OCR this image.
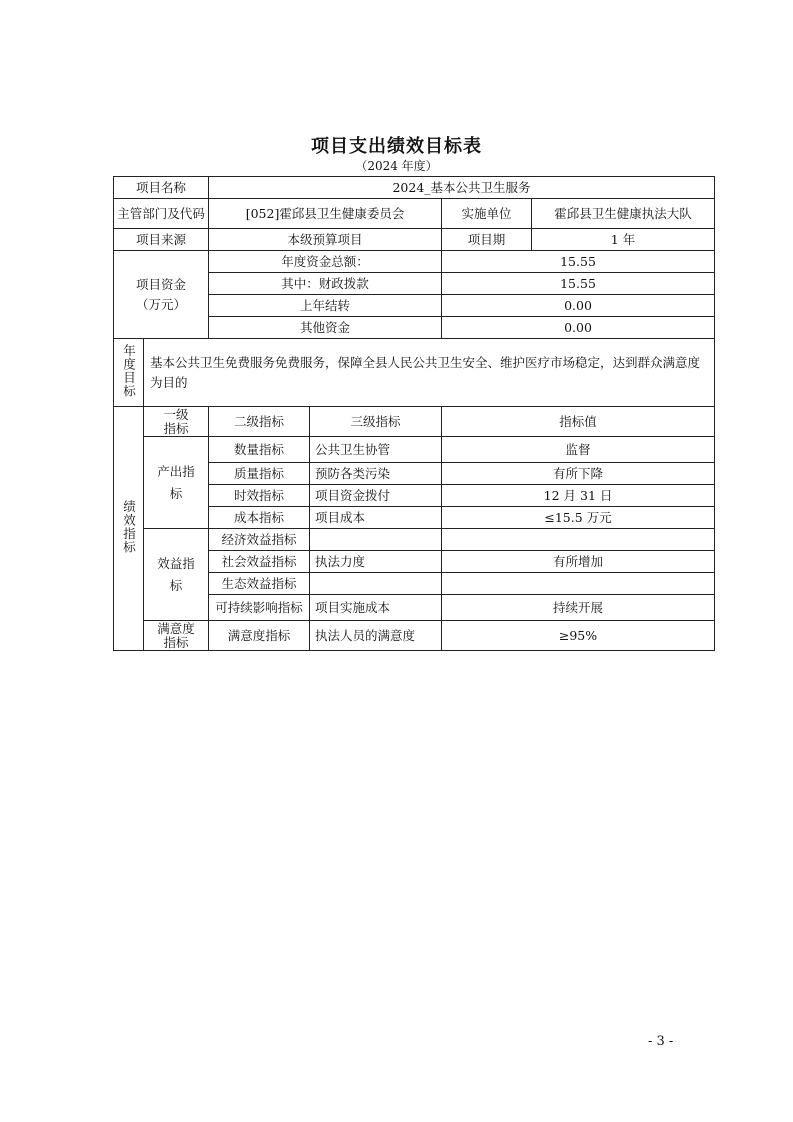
项目支出绩效目标表
（2024 年度）
项目名称		2024_基本公共卫生服务			
主管部门及代码		[052]霍邱县卫生健康委员会		实施单位	霍邱县卫生健康执法大队
项目来源		本级预算项目		项目期	1 年
项目资金（万元）		年度资金总额：		15.55	
		其中：财政拨款		15.55	
		上年结转		0.00	
		其他资金		0.00	
年度目标	基本公共卫生免费服务免费服务，保障全县人民公共卫生安全、维护医疗市场稳定，达到群众满意度为目的				
绩效指标	一级指标	二级指标	三级指标	指标值	
	产出指标	数量指标	公共卫生协管	监督	
		质量指标	预防各类污染	有所下降	
		时效指标	项目资金拨付	12 月 31 日	
		成本指标	项目成本	≤15.5 万元	
	效益指标	经济效益指标			
		社会效益指标	执法力度	有所增加	
		生态效益指标			
		可持续影响指标	项目实施成本	持续开展	
	满意度指标	满意度指标	执法人员的满意度	≥95%	
- 3 -
